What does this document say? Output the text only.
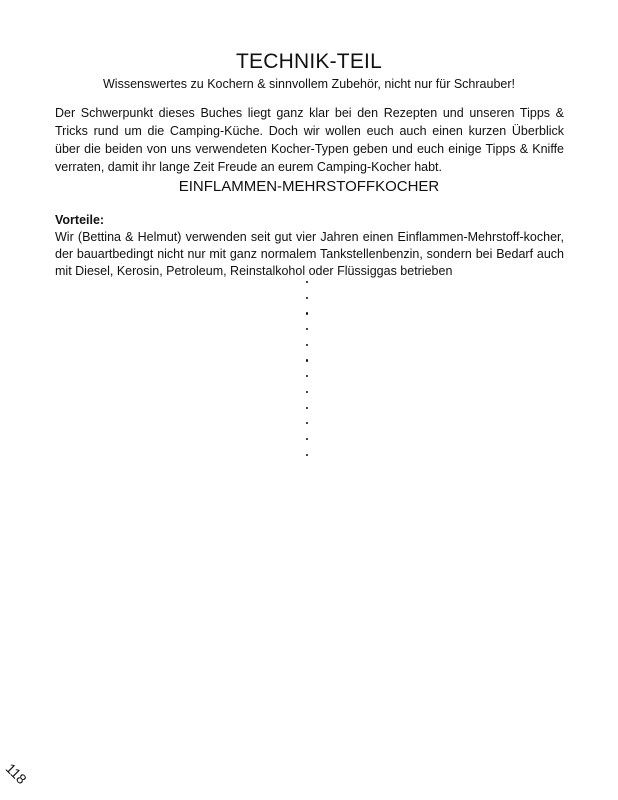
TECHNIK-TEIL
Wissenswertes zu Kochern & sinnvollem Zubehör, nicht nur für Schrauber!

Der Schwerpunkt dieses Buches liegt ganz klar bei den Rezepten und unseren Tipps & Tricks rund um die Camping-Küche. Doch wir wollen euch auch einen kurzen Überblick über die beiden von uns verwendeten Kocher-Typen geben und euch einige Tipps & Kniffe verraten, damit ihr lange Zeit Freude an eurem Camping-Kocher habt.

EINFLAMMEN-MEHRSTOFFKOCHER
Vorteile:
Wir (Bettina & Helmut) verwenden seit gut vier Jahren einen Einflammen-Mehrstoff-kocher, der bauartbedingt nicht nur mit ganz normalem Tankstellenbenzin, sondern bei Bedarf auch mit Diesel, Kerosin, Petroleum, Reinstalkohol oder Flüssiggas betrieben
118
